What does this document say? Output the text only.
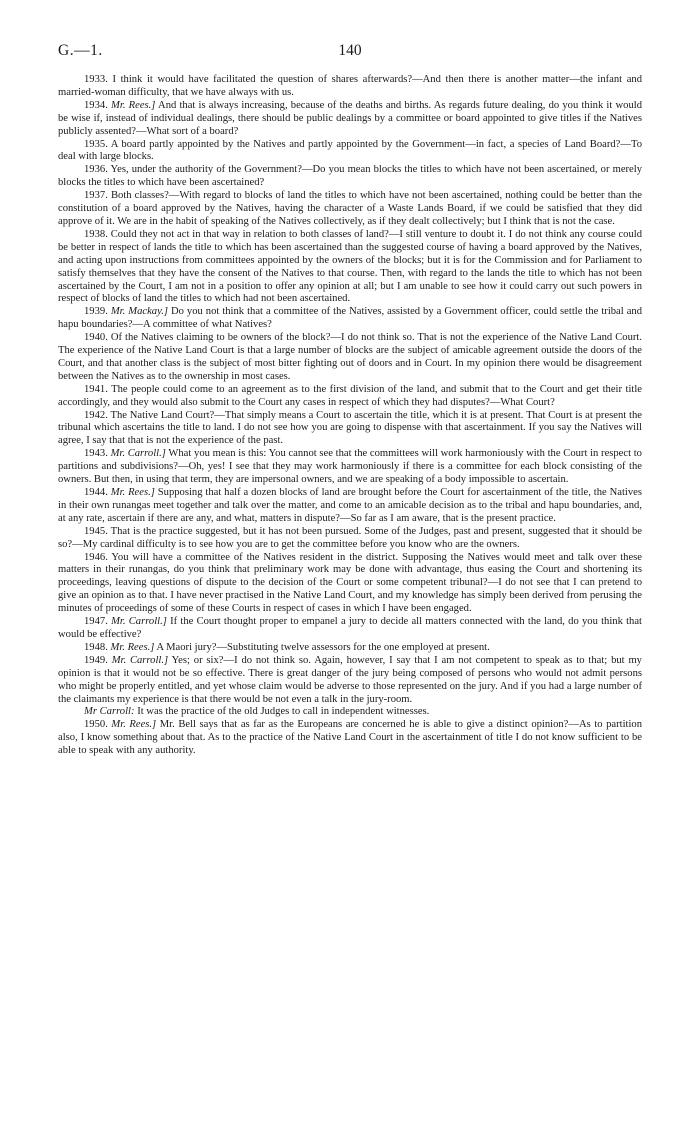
G.—1.	140

1933. I think it would have facilitated the question of shares afterwards?—And then there is another matter—the infant and married-woman difficulty, that we have always with us.

1934. Mr. Rees.] And that is always increasing, because of the deaths and births. As regards future dealing, do you think it would be wise if, instead of individual dealings, there should be public dealings by a committee or board appointed to give titles if the Natives publicly assented?—What sort of a board?

1935. A board partly appointed by the Natives and partly appointed by the Government—in fact, a species of Land Board?—To deal with large blocks.

1936. Yes, under the authority of the Government?—Do you mean blocks the titles to which have not been ascertained, or merely blocks the titles to which have been ascertained?

1937. Both classes?—With regard to blocks of land the titles to which have not been ascertained, nothing could be better than the constitution of a board approved by the Natives, having the character of a Waste Lands Board, if we could be satisfied that they did approve of it. We are in the habit of speaking of the Natives collectively, as if they dealt collectively; but I think that is not the case.

1938. Could they not act in that way in relation to both classes of land?—I still venture to doubt it. I do not think any course could be better in respect of lands the title to which has been ascertained than the suggested course of having a board approved by the Natives, and acting upon instructions from committees appointed by the owners of the blocks; but it is for the Commission and for Parliament to satisfy themselves that they have the consent of the Natives to that course. Then, with regard to the lands the title to which has not been ascertained by the Court, I am not in a position to offer any opinion at all; but I am unable to see how it could carry out such powers in respect of blocks of land the titles to which had not been ascertained.

1939. Mr. Mackay.] Do you not think that a committee of the Natives, assisted by a Government officer, could settle the tribal and hapu boundaries?—A committee of what Natives?

1940. Of the Natives claiming to be owners of the block?—I do not think so. That is not the experience of the Native Land Court. The experience of the Native Land Court is that a large number of blocks are the subject of amicable agreement outside the doors of the Court, and that another class is the subject of most bitter fighting out of doors and in Court. In my opinion there would be disagreement between the Natives as to the ownership in most cases.

1941. The people could come to an agreement as to the first division of the land, and submit that to the Court and get their title accordingly, and they would also submit to the Court any cases in respect of which they had disputes?—What Court?

1942. The Native Land Court?—That simply means a Court to ascertain the title, which it is at present. That Court is at present the tribunal which ascertains the title to land. I do not see how you are going to dispense with that ascertainment. If you say the Natives will agree, I say that that is not the experience of the past.

1943. Mr. Carroll.] What you mean is this: You cannot see that the committees will work harmoniously with the Court in respect to partitions and subdivisions?—Oh, yes! I see that they may work harmoniously if there is a committee for each block consisting of the owners. But then, in using that term, they are impersonal owners, and we are speaking of a body impossible to ascertain.

1944. Mr. Rees.] Supposing that half a dozen blocks of land are brought before the Court for ascertainment of the title, the Natives in their own runangas meet together and talk over the matter, and come to an amicable decision as to the tribal and hapu boundaries, and, at any rate, ascertain if there are any, and what, matters in dispute?—So far as I am aware, that is the present practice.

1945. That is the practice suggested, but it has not been pursued. Some of the Judges, past and present, suggested that it should be so?—My cardinal difficulty is to see how you are to get the committee before you know who are the owners.

1946. You will have a committee of the Natives resident in the district. Supposing the Natives would meet and talk over these matters in their runangas, do you think that preliminary work may be done with advantage, thus easing the Court and shortening its proceedings, leaving questions of dispute to the decision of the Court or some competent tribunal?—I do not see that I can pretend to give an opinion as to that. I have never practised in the Native Land Court, and my knowledge has simply been derived from perusing the minutes of proceedings of some of these Courts in respect of cases in which I have been engaged.

1947. Mr. Carroll.] If the Court thought proper to empanel a jury to decide all matters connected with the land, do you think that would be effective?

1948. Mr. Rees.] A Maori jury?—Substituting twelve assessors for the one employed at present.

1949. Mr. Carroll.] Yes; or six?—I do not think so. Again, however, I say that I am not competent to speak as to that; but my opinion is that it would not be so effective. There is great danger of the jury being composed of persons who would not admit persons who might be properly entitled, and yet whose claim would be adverse to those represented on the jury. And if you had a large number of the claimants my experience is that there would be not even a talk in the jury-room.

Mr Carroll: It was the practice of the old Judges to call in independent witnesses.

1950. Mr. Rees.] Mr. Bell says that as far as the Europeans are concerned he is able to give a distinct opinion?—As to partition also, I know something about that. As to the practice of the Native Land Court in the ascertainment of title I do not know sufficient to be able to speak with any authority.
